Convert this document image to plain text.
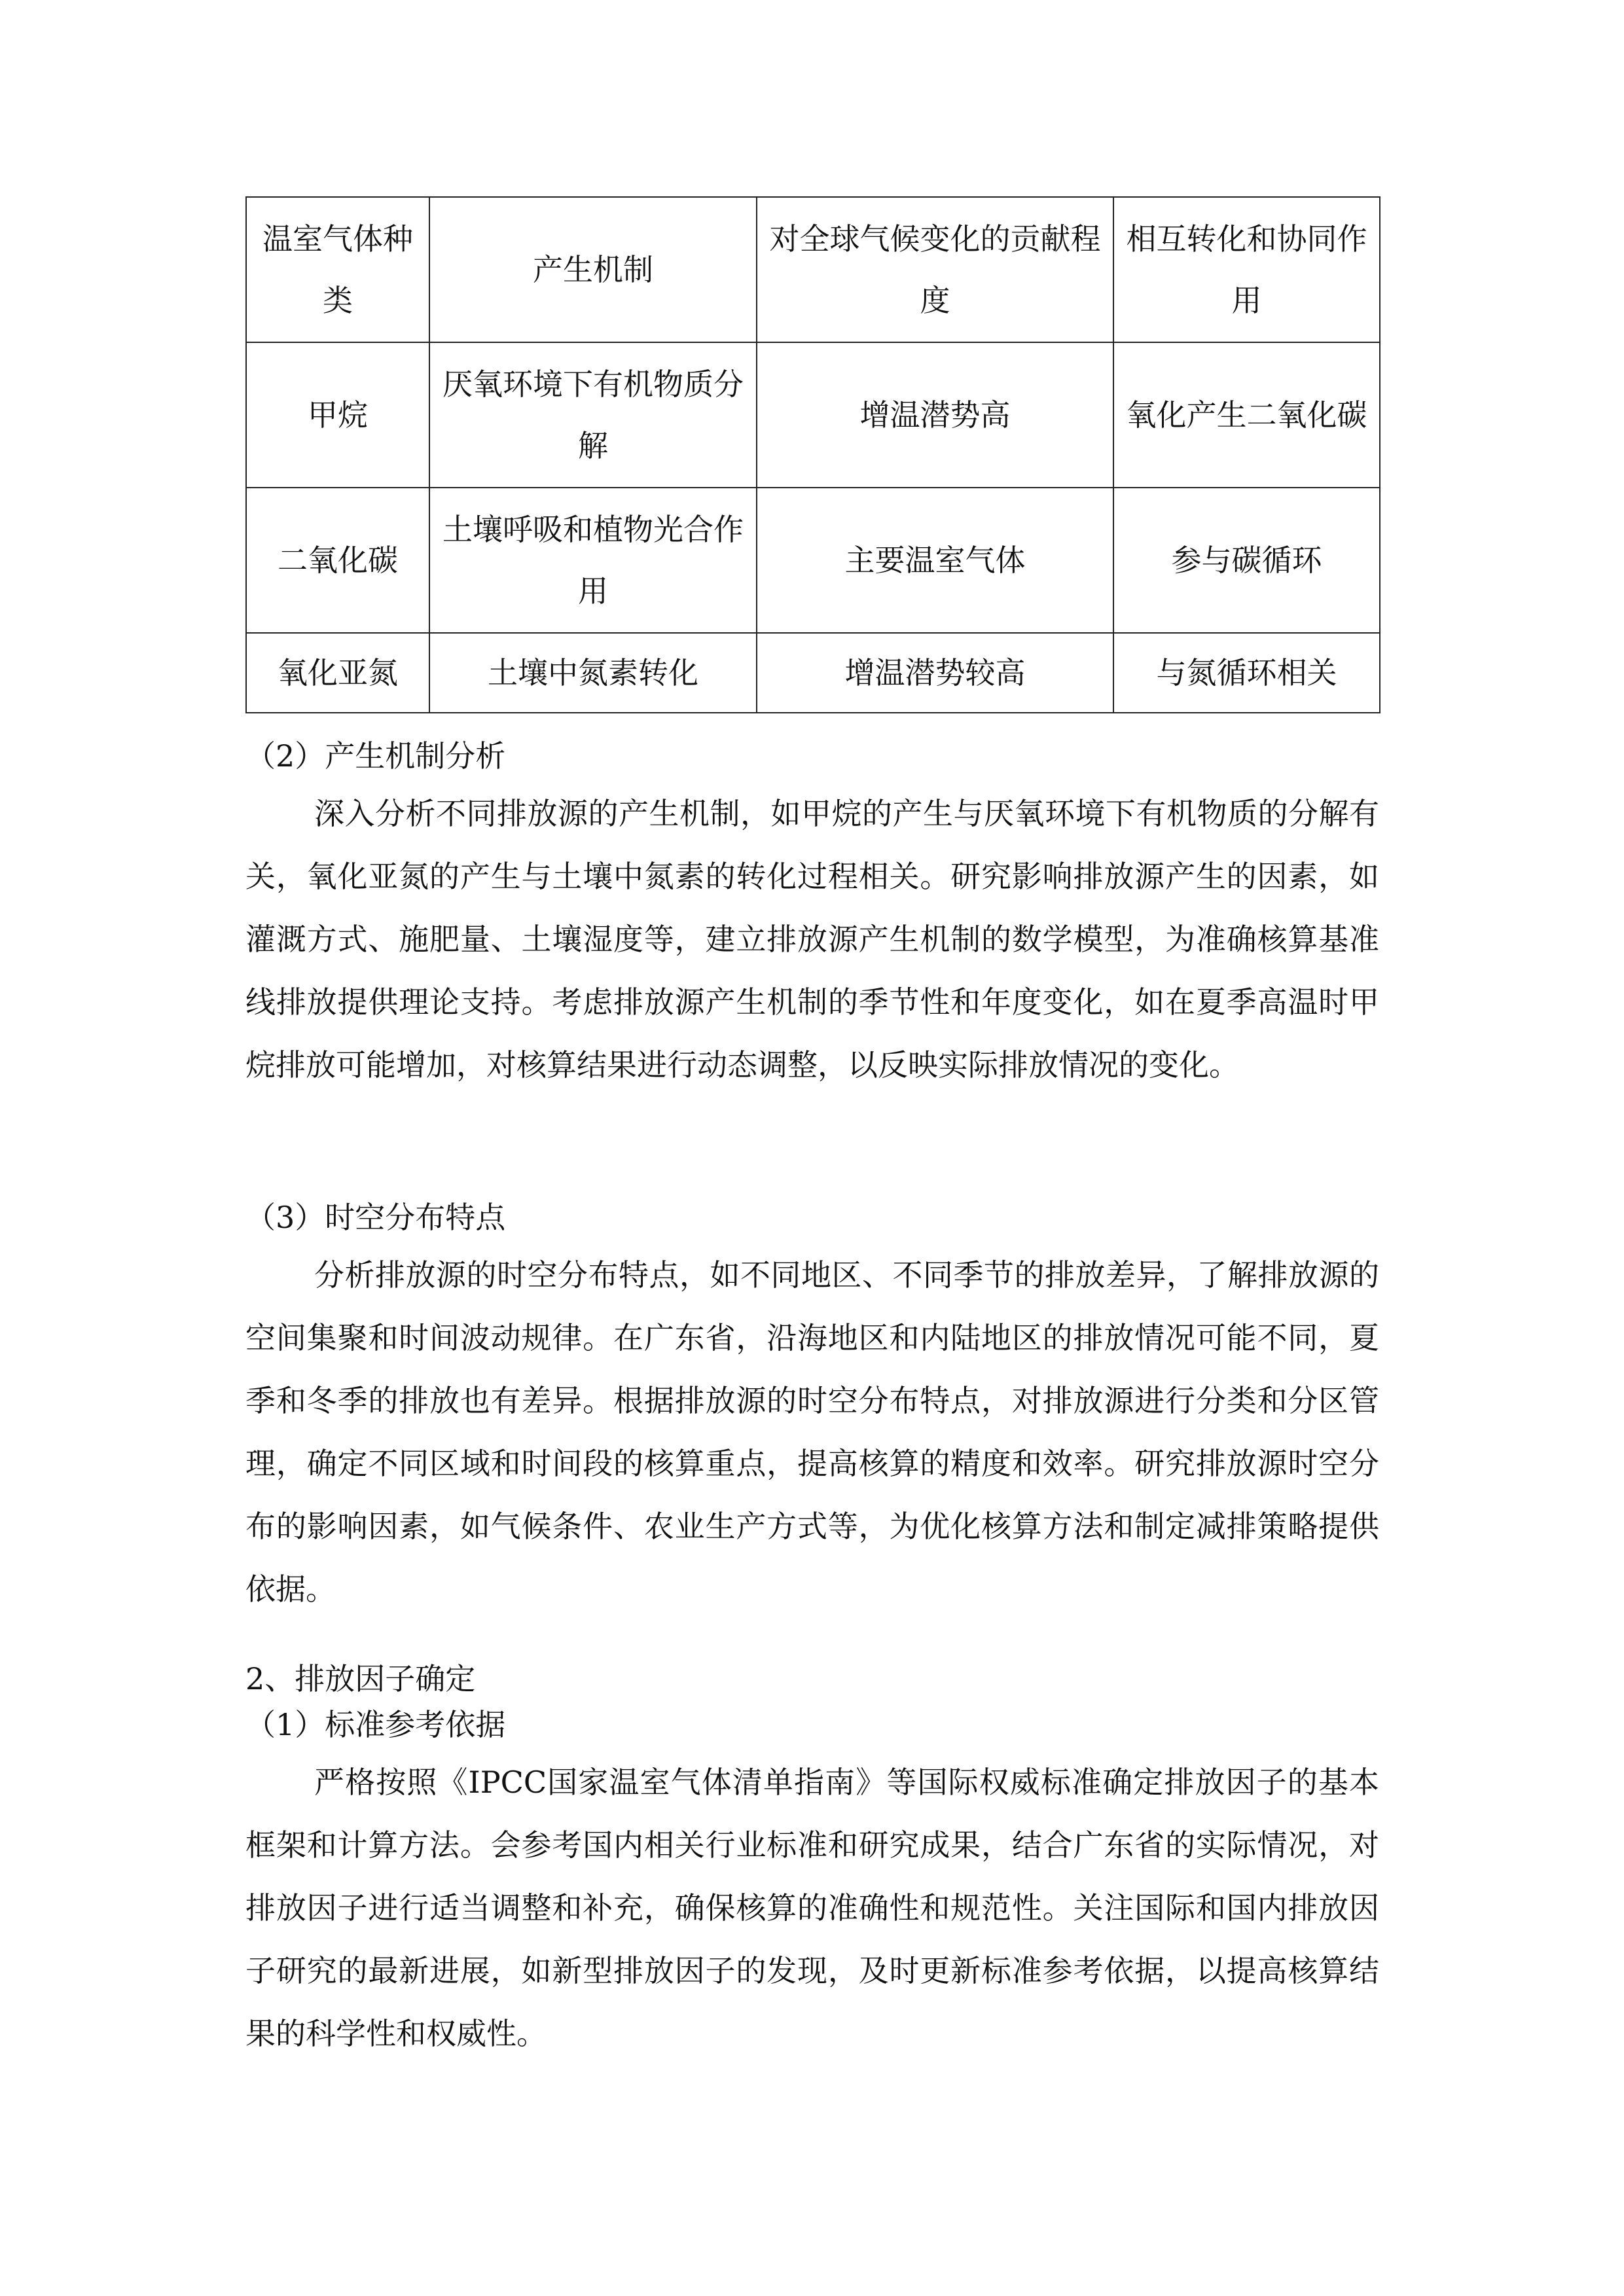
温室气体种类	产生机制	对全球气候变化的贡献程度	相互转化和协同作用
甲烷	厌氧环境下有机物质分解	增温潜势高	氧化产生二氧化碳
二氧化碳	土壤呼吸和植物光合作用	主要温室气体	参与碳循环
氧化亚氮	土壤中氮素转化	增温潜势较高	与氮循环相关
（2）产生机制分析
深入分析不同排放源的产生机制，如甲烷的产生与厌氧环境下有机物质的分解有关，氧化亚氮的产生与土壤中氮素的转化过程相关。研究影响排放源产生的因素，如灌溉方式、施肥量、土壤湿度等，建立排放源产生机制的数学模型，为准确核算基准线排放提供理论支持。考虑排放源产生机制的季节性和年度变化，如在夏季高温时甲烷排放可能增加，对核算结果进行动态调整，以反映实际排放情况的变化。
（3）时空分布特点
分析排放源的时空分布特点，如不同地区、不同季节的排放差异，了解排放源的空间集聚和时间波动规律。在广东省，沿海地区和内陆地区的排放情况可能不同，夏季和冬季的排放也有差异。根据排放源的时空分布特点，对排放源进行分类和分区管理，确定不同区域和时间段的核算重点，提高核算的精度和效率。研究排放源时空分布的影响因素，如气候条件、农业生产方式等，为优化核算方法和制定减排策略提供依据。
2、排放因子确定
（1）标准参考依据
严格按照《IPCC国家温室气体清单指南》等国际权威标准确定排放因子的基本框架和计算方法。会参考国内相关行业标准和研究成果，结合广东省的实际情况，对排放因子进行适当调整和补充，确保核算的准确性和规范性。关注国际和国内排放因子研究的最新进展，如新型排放因子的发现，及时更新标准参考依据，以提高核算结果的科学性和权威性。
